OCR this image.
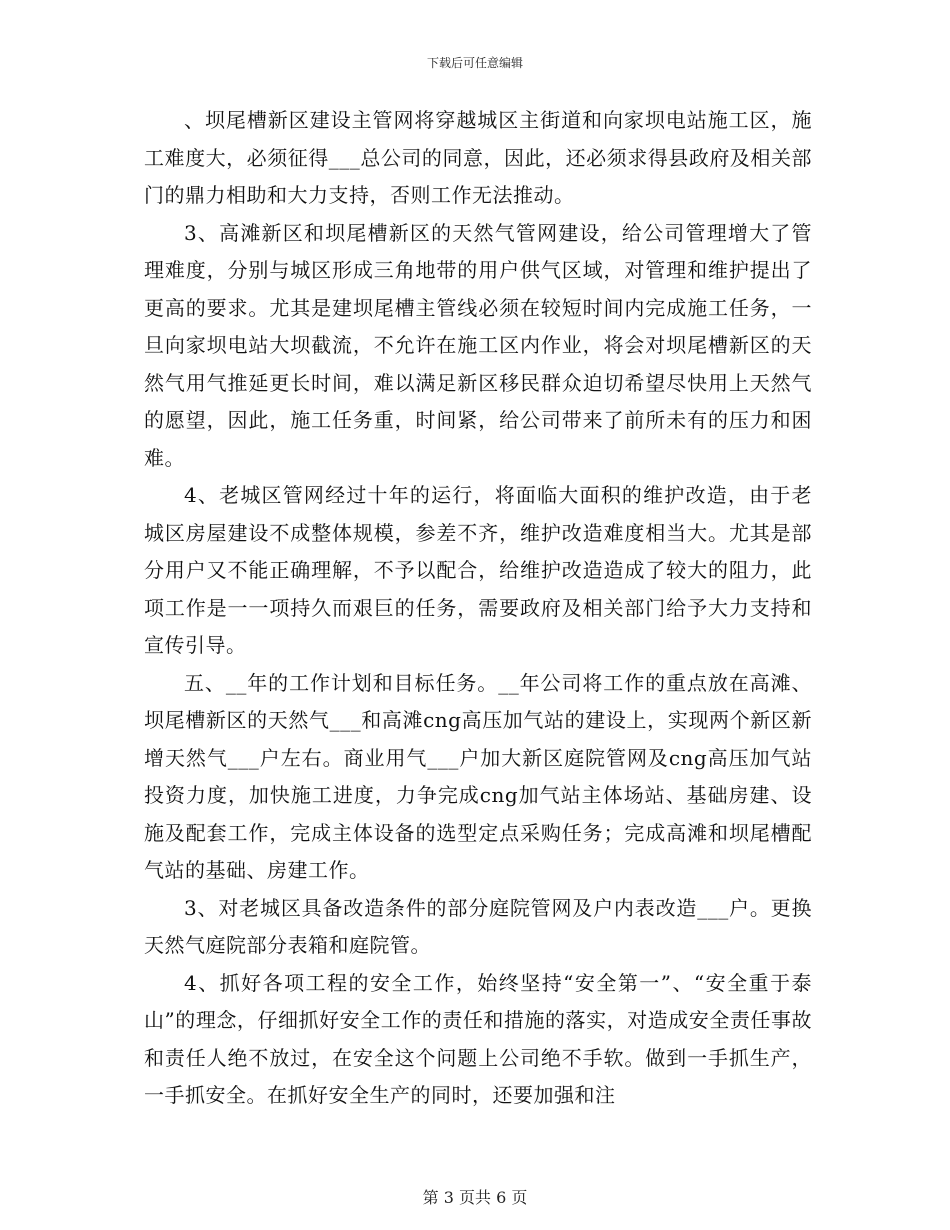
下载后可任意编辑

、坝尾槽新区建设主管网将穿越城区主街道和向家坝电站施工区，施工难度大，必须征得___总公司的同意，因此，还必须求得县政府及相关部门的鼎力相助和大力支持，否则工作无法推动。

3、高滩新区和坝尾槽新区的天然气管网建设，给公司管理增大了管理难度，分别与城区形成三角地带的用户供气区域，对管理和维护提出了更高的要求。尤其是建坝尾槽主管线必须在较短时间内完成施工任务，一旦向家坝电站大坝截流，不允许在施工区内作业，将会对坝尾槽新区的天然气用气推延更长时间，难以满足新区移民群众迫切希望尽快用上天然气的愿望，因此，施工任务重，时间紧，给公司带来了前所未有的压力和困难。

4、老城区管网经过十年的运行，将面临大面积的维护改造，由于老城区房屋建设不成整体规模，参差不齐，维护改造难度相当大。尤其是部分用户又不能正确理解，不予以配合，给维护改造造成了较大的阻力，此项工作是一一项持久而艰巨的任务，需要政府及相关部门给予大力支持和宣传引导。

五、__年的工作计划和目标任务。__年公司将工作的重点放在高滩、坝尾槽新区的天然气___和高滩cng高压加气站的建设上，实现两个新区新增天然气___户左右。商业用气___户加大新区庭院管网及cng高压加气站投资力度，加快施工进度，力争完成cng加气站主体场站、基础房建、设施及配套工作，完成主体设备的选型定点采购任务；完成高滩和坝尾槽配气站的基础、房建工作。

3、对老城区具备改造条件的部分庭院管网及户内表改造___户。更换天然气庭院部分表箱和庭院管。

4、抓好各项工程的安全工作，始终坚持“安全第一”、“安全重于泰山”的理念，仔细抓好安全工作的责任和措施的落实，对造成安全责任事故和责任人绝不放过，在安全这个问题上公司绝不手软。做到一手抓生产，一手抓安全。在抓好安全生产的同时，还要加强和注

第 3 页共 6 页
